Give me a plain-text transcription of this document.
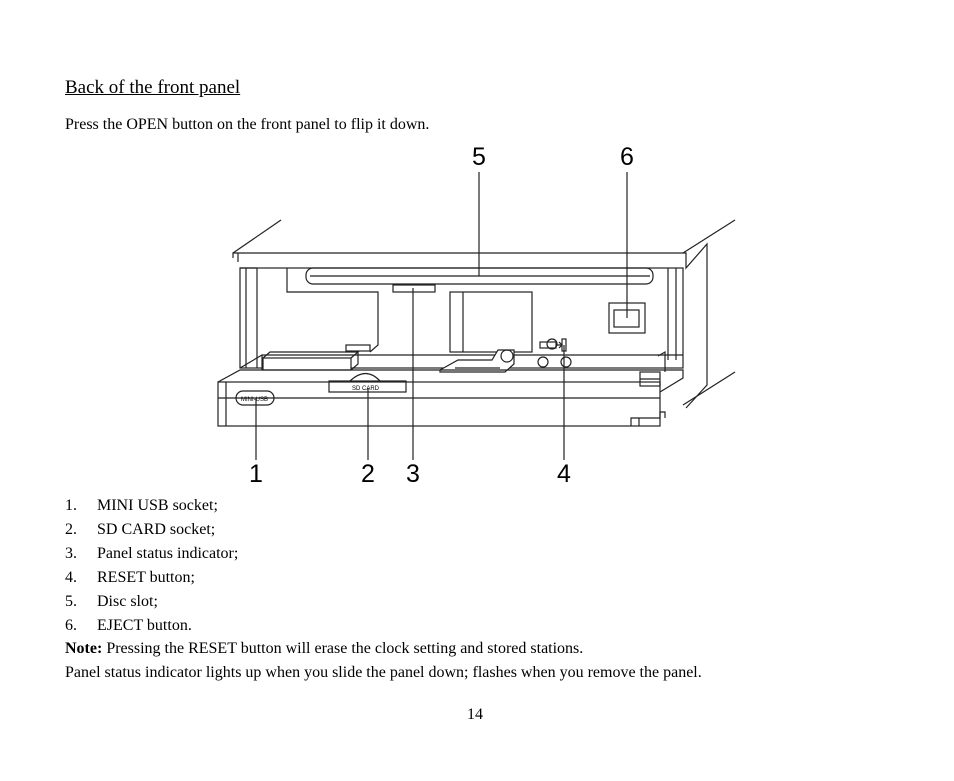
Back of the front panel
Press the OPEN button on the front panel to flip it down.
MINI-USB
SD CARD
5	6
1	2 3	4
1. MINI USB socket;
2. SD CARD socket;
3. Panel status indicator;
4. RESET button;
5. Disc slot;
6. EJECT button.
Note: Pressing the RESET button will erase the clock setting and stored stations.
Panel status indicator lights up when you slide the panel down; flashes when you remove the panel.
14
